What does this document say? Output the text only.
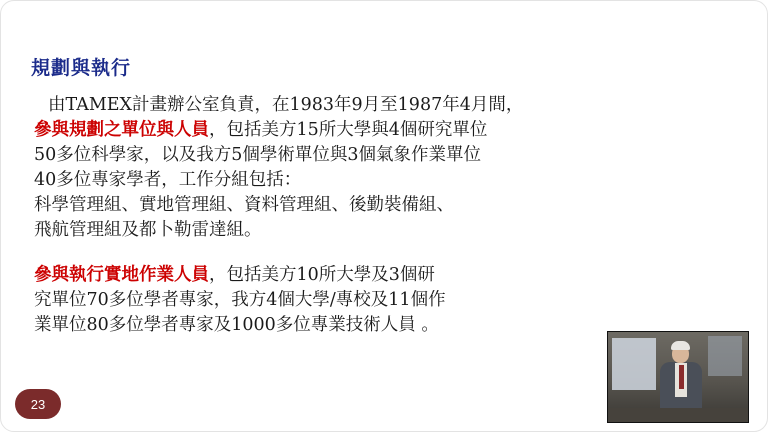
規劃與執行

由TAMEX計畫辦公室負責，在1983年9月至1987年4月間，

參與規劃之單位與人員，包括美方15所大學與4個研究單位

50多位科學家，以及我方5個學術單位與3個氣象作業單位

40多位專家學者，工作分組包括：

科學管理組、實地管理組、資料管理組、後勤裝備組、

飛航管理組及都卜勒雷達組。

參與執行實地作業人員，包括美方10所大學及3個研

究單位70多位學者專家，我方4個大學/專校及11個作

業單位80多位學者專家及1000多位專業技術人員 。

23
